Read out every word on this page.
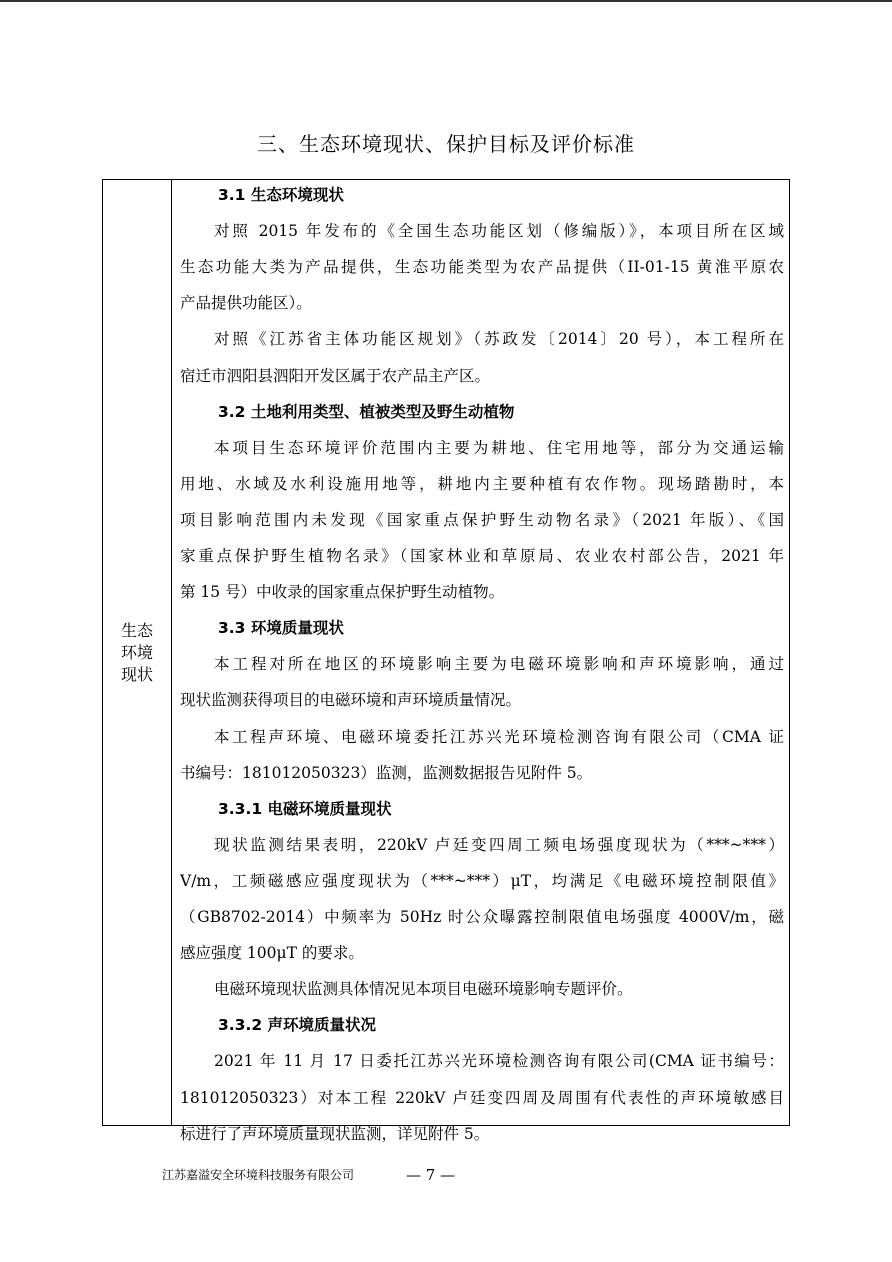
三、生态环境现状、保护目标及评价标准
生态
环境
现状
3.1 生态环境现状
对照 2015 年发布的《全国生态功能区划（修编版）》，本项目所在区域
生态功能大类为产品提供，生态功能类型为农产品提供（II-01-15 黄淮平原农
产品提供功能区）。
对照《江苏省主体功能区规划》（苏政发〔2014〕20 号），本工程所在
宿迁市泗阳县泗阳开发区属于农产品主产区。
3.2 土地利用类型、植被类型及野生动植物
本项目生态环境评价范围内主要为耕地、住宅用地等，部分为交通运输
用地、水域及水利设施用地等，耕地内主要种植有农作物。现场踏勘时，本
项目影响范围内未发现《国家重点保护野生动物名录》（2021 年版）、《国
家重点保护野生植物名录》（国家林业和草原局、农业农村部公告，2021 年
第 15 号）中收录的国家重点保护野生动植物。
3.3 环境质量现状
本工程对所在地区的环境影响主要为电磁环境影响和声环境影响，通过
现状监测获得项目的电磁环境和声环境质量情况。
本工程声环境、电磁环境委托江苏兴光环境检测咨询有限公司（CMA 证
书编号：181012050323）监测，监测数据报告见附件 5。
3.3.1 电磁环境质量现状
现状监测结果表明，220kV 卢廷变四周工频电场强度现状为（***~***）
V/m，工频磁感应强度现状为（***~***）μT，均满足《电磁环境控制限值》
（GB8702-2014）中频率为 50Hz 时公众曝露控制限值电场强度 4000V/m，磁
感应强度 100μT 的要求。
电磁环境现状监测具体情况见本项目电磁环境影响专题评价。
3.3.2 声环境质量状况
2021 年 11 月 17 日委托江苏兴光环境检测咨询有限公司(CMA 证书编号：
181012050323）对本工程 220kV 卢廷变四周及周围有代表性的声环境敏感目
标进行了声环境质量现状监测，详见附件 5。
江苏嘉溢安全环境科技服务有限公司	— 7 —
